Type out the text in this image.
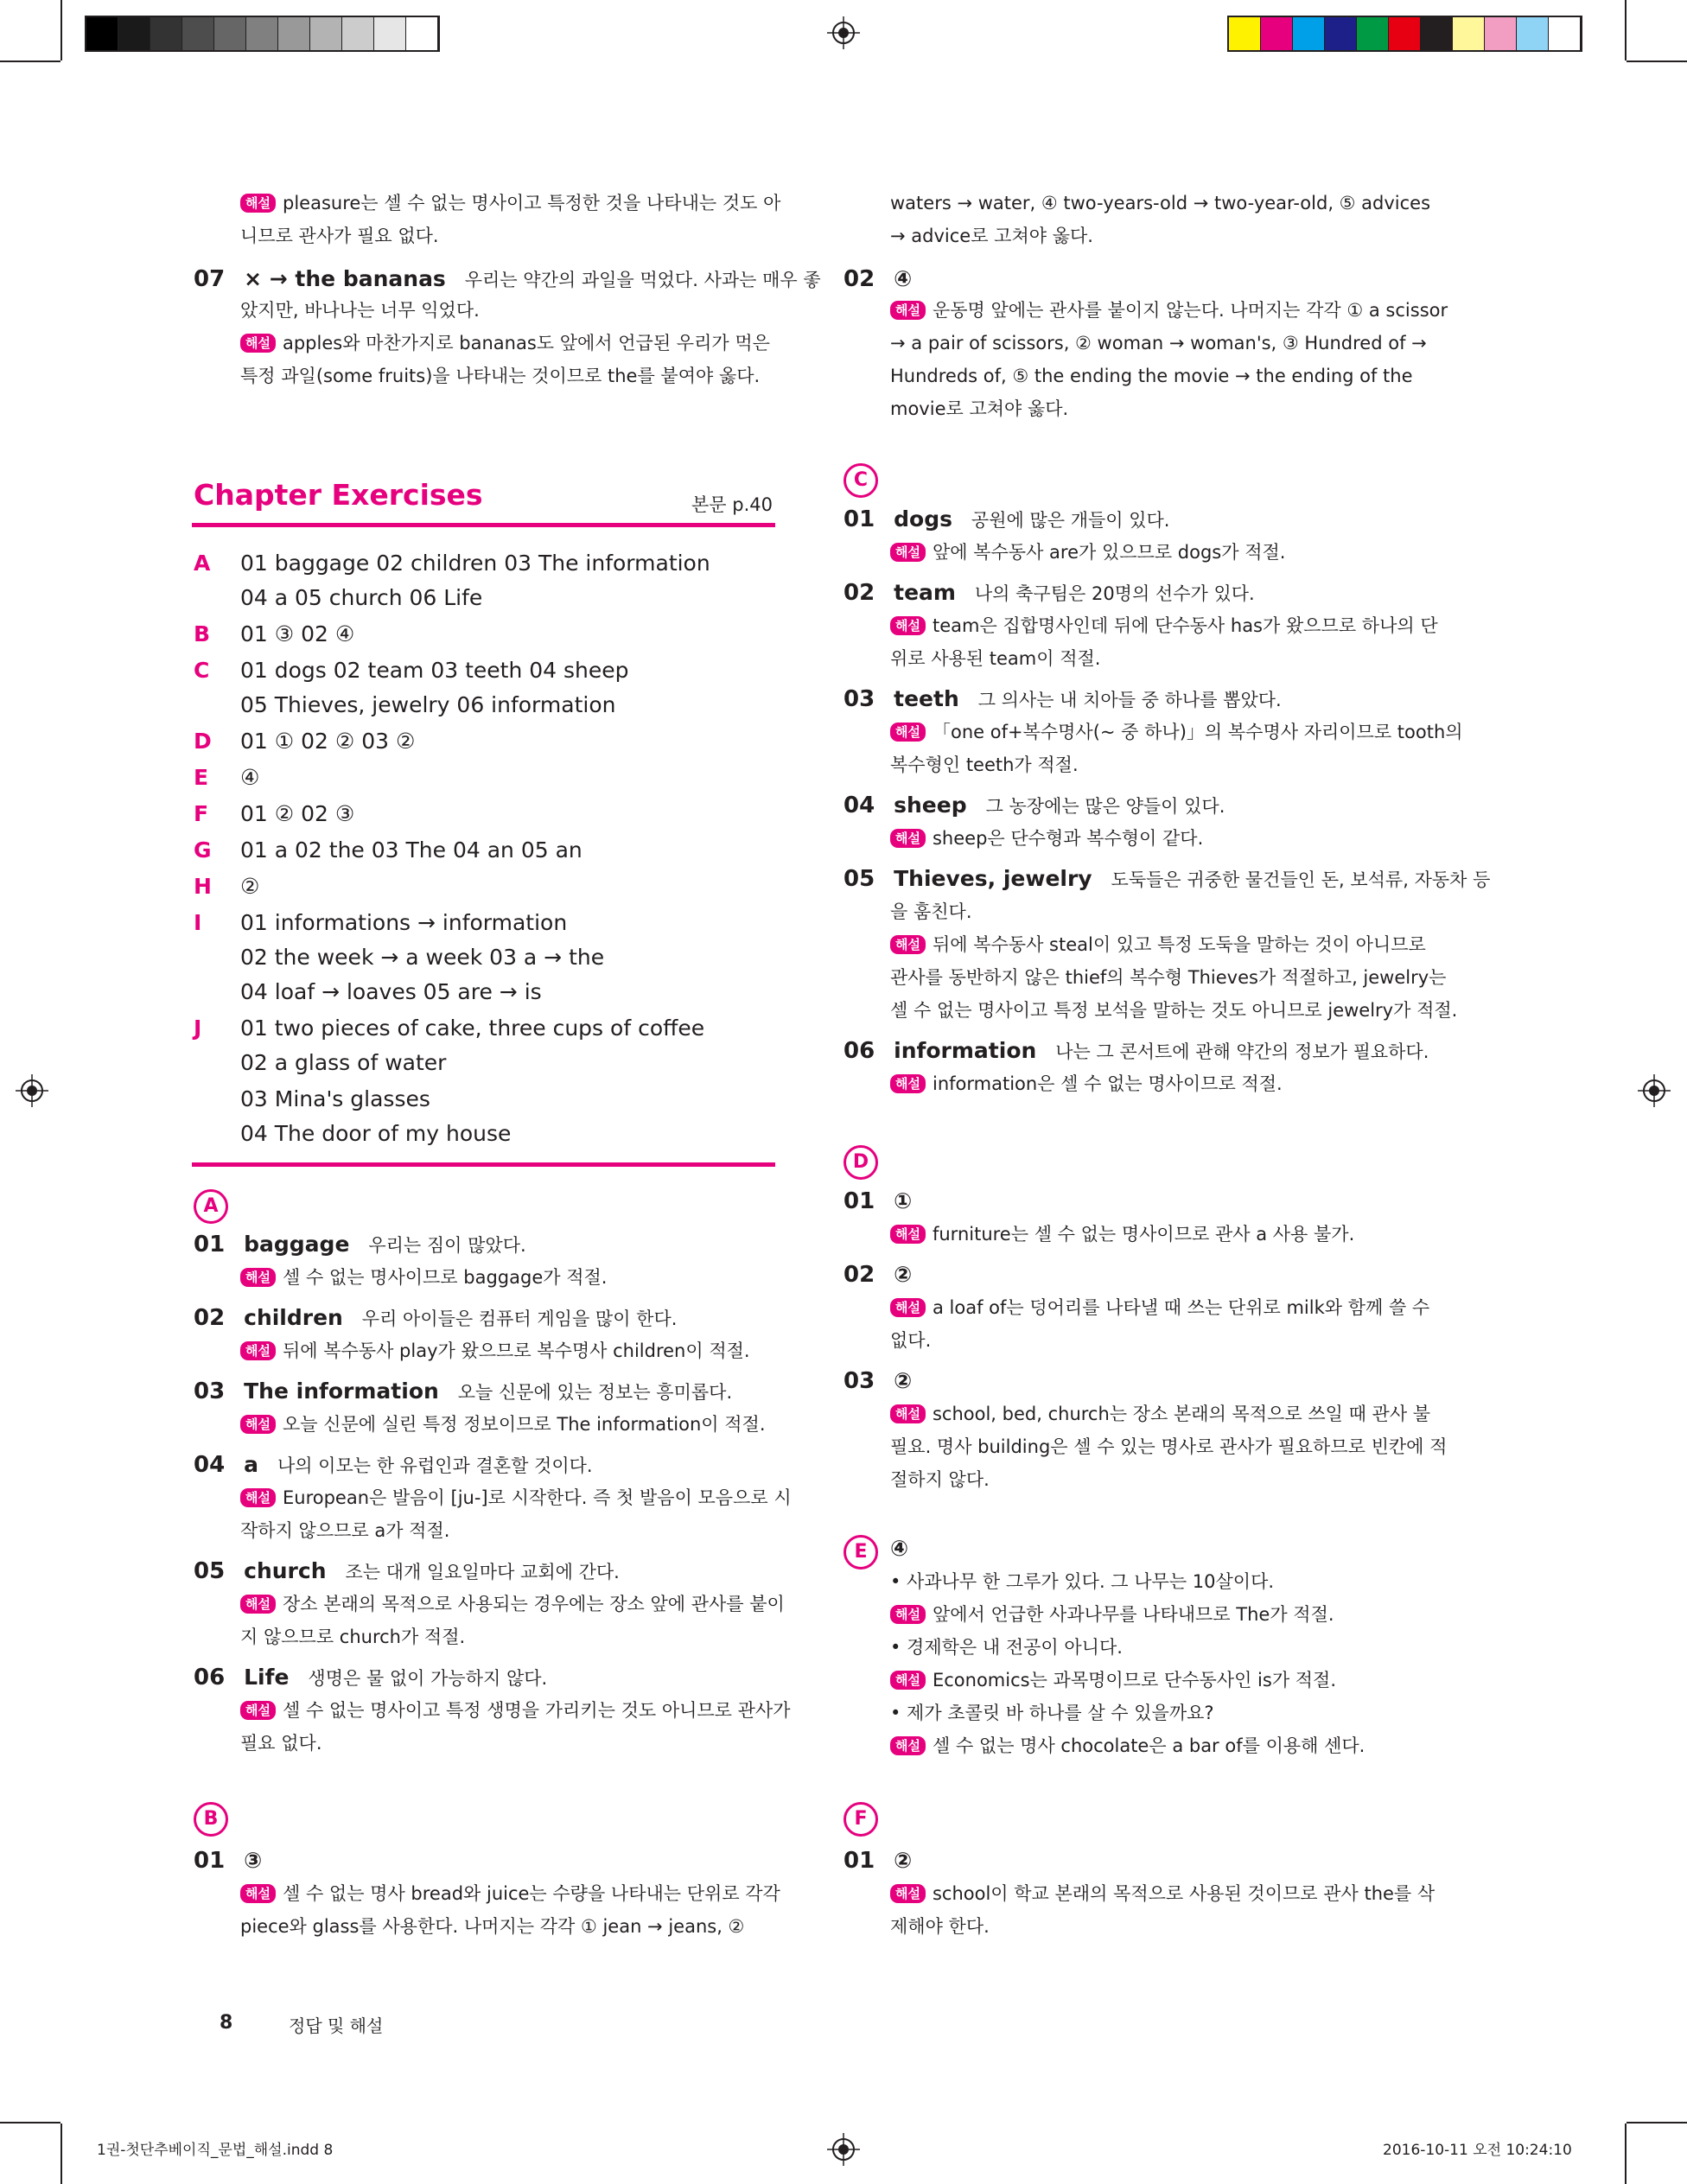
해설 pleasure는 셀 수 없는 명사이고 특정한 것을 나타내는 것도 아
니므로 관사가 필요 없다.
07 × → the bananas 우리는 약간의 과일을 먹었다. 사과는 매우 좋
았지만, 바나나는 너무 익었다.
해설 apples와 마찬가지로 bananas도 앞에서 언급된 우리가 먹은
특정 과일(some fruits)을 나타내는 것이므로 the를 붙여야 옳다.
Chapter Exercises	본문 p.40
A 01 baggage 02 children 03 The information
04 a 05 church 06 Life
B 01 ③ 02 ④
C 01 dogs 02 team 03 teeth 04 sheep
05 Thieves, jewelry 06 information
D 01 ① 02 ② 03 ②
E ④
F 01 ② 02 ③
G 01 a 02 the 03 The 04 an 05 an
H ②
I 01 informations → information
02 the week → a week 03 a → the
04 loaf → loaves 05 are → is
J 01 two pieces of cake, three cups of coffee
02 a glass of water
03 Mina's glasses
04 The door of my house
A
01 baggage 우리는 짐이 많았다.
해설 셀 수 없는 명사이므로 baggage가 적절.
02 children 우리 아이들은 컴퓨터 게임을 많이 한다.
해설 뒤에 복수동사 play가 왔으므로 복수명사 children이 적절.
03 The information 오늘 신문에 있는 정보는 흥미롭다.
해설 오늘 신문에 실린 특정 정보이므로 The information이 적절.
04 a 나의 이모는 한 유럽인과 결혼할 것이다.
해설 European은 발음이 [ju-]로 시작한다. 즉 첫 발음이 모음으로 시
작하지 않으므로 a가 적절.
05 church 조는 대개 일요일마다 교회에 간다.
해설 장소 본래의 목적으로 사용되는 경우에는 장소 앞에 관사를 붙이
지 않으므로 church가 적절.
06 Life 생명은 물 없이 가능하지 않다.
해설 셀 수 없는 명사이고 특정 생명을 가리키는 것도 아니므로 관사가
필요 없다.
B
01 ③
해설 셀 수 없는 명사 bread와 juice는 수량을 나타내는 단위로 각각
piece와 glass를 사용한다. 나머지는 각각 ① jean → jeans, ②
waters → water, ④ two-years-old → two-year-old, ⑤ advices
→ advice로 고쳐야 옳다.
02 ④
해설 운동명 앞에는 관사를 붙이지 않는다. 나머지는 각각 ① a scissor
→ a pair of scissors, ② woman → woman's, ③ Hundred of →
Hundreds of, ⑤ the ending the movie → the ending of the
movie로 고쳐야 옳다.
C
01 dogs 공원에 많은 개들이 있다.
해설 앞에 복수동사 are가 있으므로 dogs가 적절.
02 team 나의 축구팀은 20명의 선수가 있다.
해설 team은 집합명사인데 뒤에 단수동사 has가 왔으므로 하나의 단
위로 사용된 team이 적절.
03 teeth 그 의사는 내 치아들 중 하나를 뽑았다.
해설 「one of+복수명사(~ 중 하나)」의 복수명사 자리이므로 tooth의
복수형인 teeth가 적절.
04 sheep 그 농장에는 많은 양들이 있다.
해설 sheep은 단수형과 복수형이 같다.
05 Thieves, jewelry 도둑들은 귀중한 물건들인 돈, 보석류, 자동차 등
을 훔친다.
해설 뒤에 복수동사 steal이 있고 특정 도둑을 말하는 것이 아니므로
관사를 동반하지 않은 thief의 복수형 Thieves가 적절하고, jewelry는
셀 수 없는 명사이고 특정 보석을 말하는 것도 아니므로 jewelry가 적절.
06 information 나는 그 콘서트에 관해 약간의 정보가 필요하다.
해설 information은 셀 수 없는 명사이므로 적절.
D
01 ①
해설 furniture는 셀 수 없는 명사이므로 관사 a 사용 불가.
02 ②
해설 a loaf of는 덩어리를 나타낼 때 쓰는 단위로 milk와 함께 쓸 수
없다.
03 ②
해설 school, bed, church는 장소 본래의 목적으로 쓰일 때 관사 불
필요. 명사 building은 셀 수 있는 명사로 관사가 필요하므로 빈칸에 적
절하지 않다.
E	④
• 사과나무 한 그루가 있다. 그 나무는 10살이다.
해설 앞에서 언급한 사과나무를 나타내므로 The가 적절.
• 경제학은 내 전공이 아니다.
해설 Economics는 과목명이므로 단수동사인 is가 적절.
• 제가 초콜릿 바 하나를 살 수 있을까요?
해설 셀 수 없는 명사 chocolate은 a bar of를 이용해 센다.
F
01 ②
해설 school이 학교 본래의 목적으로 사용된 것이므로 관사 the를 삭
제해야 한다.
8	정답 및 해설
1권-첫단추베이직_문법_해설.indd 8	2016-10-11 오전 10:24:10
